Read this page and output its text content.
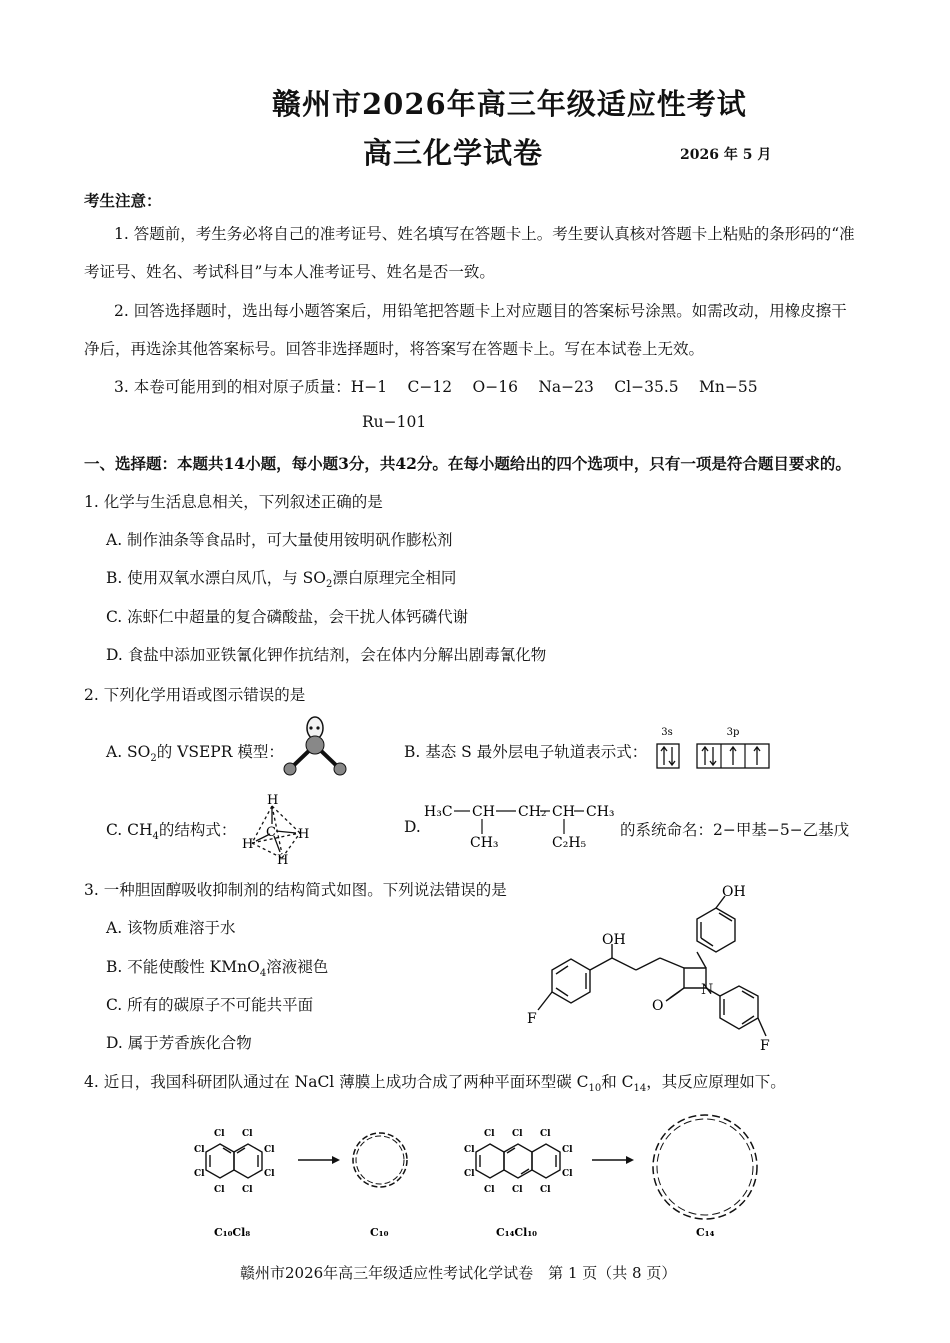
赣州市2026年高三年级适应性考试
高三化学试卷	2026 年 5 月
考生注意：
1. 答题前，考生务必将自己的准考证号、姓名填写在答题卡上。考生要认真核对答题卡上粘贴的条形码的“准
考证号、姓名、考试科目”与本人准考证号、姓名是否一致。
2. 回答选择题时，选出每小题答案后，用铅笔把答题卡上对应题目的答案标号涂黑。如需改动，用橡皮擦干
净后，再选涂其他答案标号。回答非选择题时，将答案写在答题卡上。写在本试卷上无效。
3. 本卷可能用到的相对原子质量：H−1　 C−12　 O−16　 Na−23　 Cl−35.5　 Mn−55
Ru−101
一、选择题：本题共14小题，每小题3分，共42分。在每小题给出的四个选项中，只有一项是符合题目要求的。
1. 化学与生活息息相关，下列叙述正确的是
A. 制作油条等食品时，可大量使用铵明矾作膨松剂
B. 使用双氧水漂白凤爪，与 $SO_2$漂白原理完全相同
C. 冻虾仁中超量的复合磷酸盐，会干扰人体钙磷代谢
D. 食盐中添加亚铁氰化钾作抗结剂，会在体内分解出剧毒氰化物
2. 下列化学用语或图示错误的是
A. $SO_2$的 VSEPR 模型：	B. 基态 S 最外层电子轨道表示式：
3s	3p
C. $CH_4$的结构式：
H
C H
H
H
D.
H₃C CH CH₂ CH CH₃
CH₃	C₂H₅
的系统命名：2−甲基−5−乙基戊
3. 一种胆固醇吸收抑制剂的结构简式如图。下列说法错误的是
A. 该物质难溶于水
B. 不能使酸性 KMnO$_4$溶液褪色
C. 所有的碳原子不可能共平面
D. 属于芳香族化合物
OH
OH
F
F
N
O
4. 近日，我国科研团队通过在 NaCl 薄膜上成功合成了两种平面环型碳 $C_{10}$和 $C_{14}$，其反应原理如下。
Cl Cl
Cl	Cl
Cl	Cl
Cl Cl
Cl Cl Cl
Cl	Cl
Cl	Cl
Cl Cl Cl
C₁₀Cl₈	C₁₀	C₁₄Cl₁₀	C₁₄
赣州市2026年高三年级适应性考试化学试卷　第 1 页（共 8 页）
